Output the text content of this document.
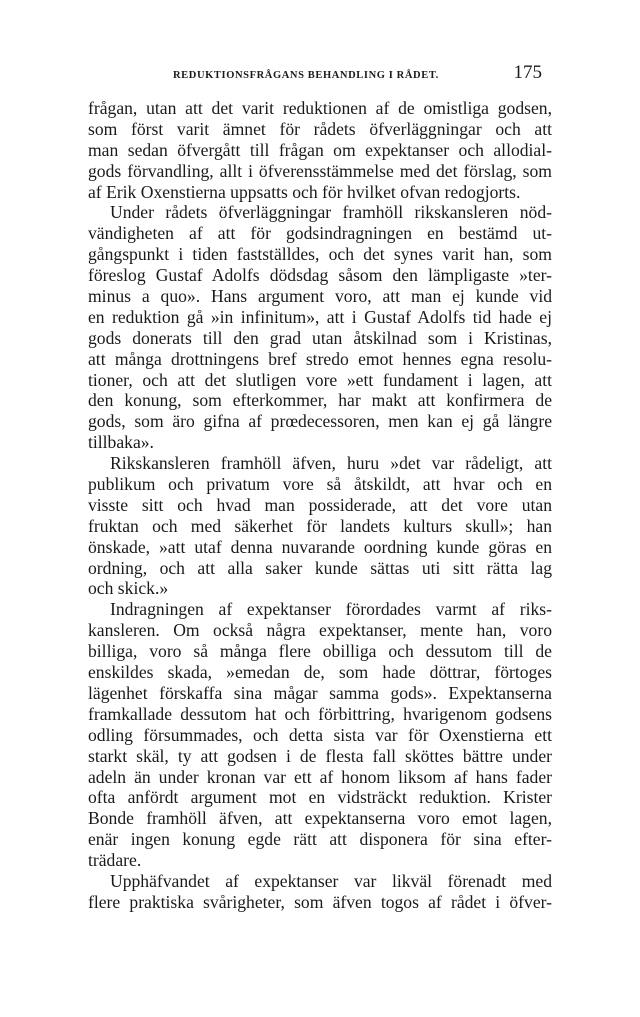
REDUKTIONSFRÅGANS BEHANDLING I RÅDET.	175
frågan, utan att det varit reduktionen af de omistliga godsen,
som först varit ämnet för rådets öfverläggningar och att
man sedan öfvergått till frågan om expektanser och allodial-
gods förvandling, allt i öfverensstämmelse med det förslag, som
af Erik Oxenstierna uppsatts och för hvilket ofvan redogjorts.
Under rådets öfverläggningar framhöll rikskansleren nöd-
vändigheten af att för godsindragningen en bestämd ut-
gångspunkt i tiden fastställdes, och det synes varit han, som
föreslog Gustaf Adolfs dödsdag såsom den lämpligaste »ter-
minus a quo». Hans argument voro, att man ej kunde vid
en reduktion gå »in infinitum», att i Gustaf Adolfs tid hade ej
gods donerats till den grad utan åtskilnad som i Kristinas,
att många drottningens bref stredo emot hennes egna resolu-
tioner, och att det slutligen vore »ett fundament i lagen, att
den konung, som efterkommer, har makt att konfirmera de
gods, som äro gifna af prœdecessoren, men kan ej gå längre
tillbaka».
Rikskansleren framhöll äfven, huru »det var rådeligt, att
publikum och privatum vore så åtskildt, att hvar och en
visste sitt och hvad man possiderade, att det vore utan
fruktan och med säkerhet för landets kulturs skull»; han
önskade, »att utaf denna nuvarande oordning kunde göras en
ordning, och att alla saker kunde sättas uti sitt rätta lag
och skick.»
Indragningen af expektanser förordades varmt af riks-
kansleren. Om också några expektanser, mente han, voro
billiga, voro så många flere obilliga och dessutom till de
enskildes skada, »emedan de, som hade döttrar, förtoges
lägenhet förskaffa sina mågar samma gods». Expektanserna
framkallade dessutom hat och förbittring, hvarigenom godsens
odling försummades, och detta sista var för Oxenstierna ett
starkt skäl, ty att godsen i de flesta fall sköttes bättre under
adeln än under kronan var ett af honom liksom af hans fader
ofta anfördt argument mot en vidsträckt reduktion. Krister
Bonde framhöll äfven, att expektanserna voro emot lagen,
enär ingen konung egde rätt att disponera för sina efter-
trädare.
Upphäfvandet af expektanser var likväl förenadt med
flere praktiska svårigheter, som äfven togos af rådet i öfver-
